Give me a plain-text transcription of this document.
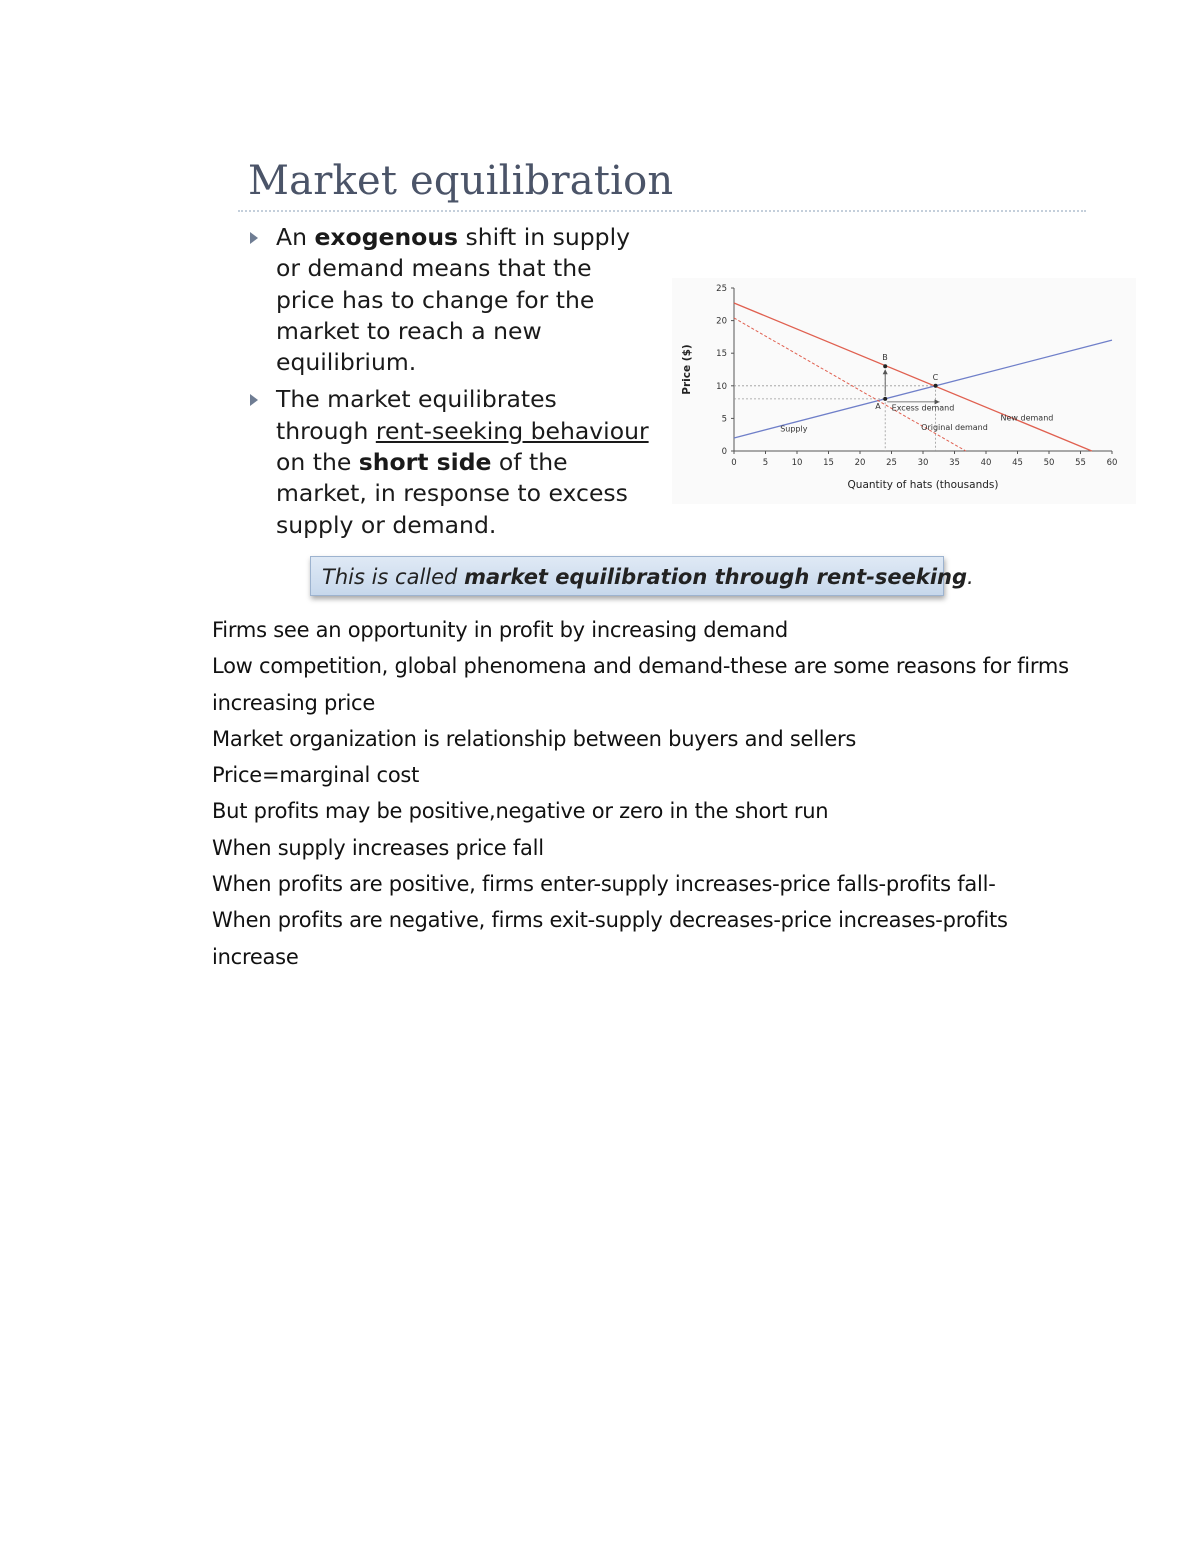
Market equilibration
An exogenous shift in supply
or demand means that the
price has to change for the
market to reach a new
equilibrium.
The market equilibrates
through rent-seeking behaviour
on the short side of the
market, in response to excess
supply or demand.
0	5	10 15 20 25 30 35 40 45 50 55 60
0
5
10
15
20
25
Quantity of hats (thousands)
Price ($)
A
B
C
Excess demand
Original demand
New demand
Supply
This is called market equilibration through rent-seeking.
Firms see an opportunity in profit by increasing demand
Low competition, global phenomena and demand-these are some reasons for firms increasing price
Market organization is relationship between buyers and sellers
Price=marginal cost
But profits may be positive,negative or zero in the short run
When supply increases price fall
When profits are positive, firms enter-supply increases-price falls-profits fall-
When profits are negative, firms exit-supply decreases-price increases-profits increase
